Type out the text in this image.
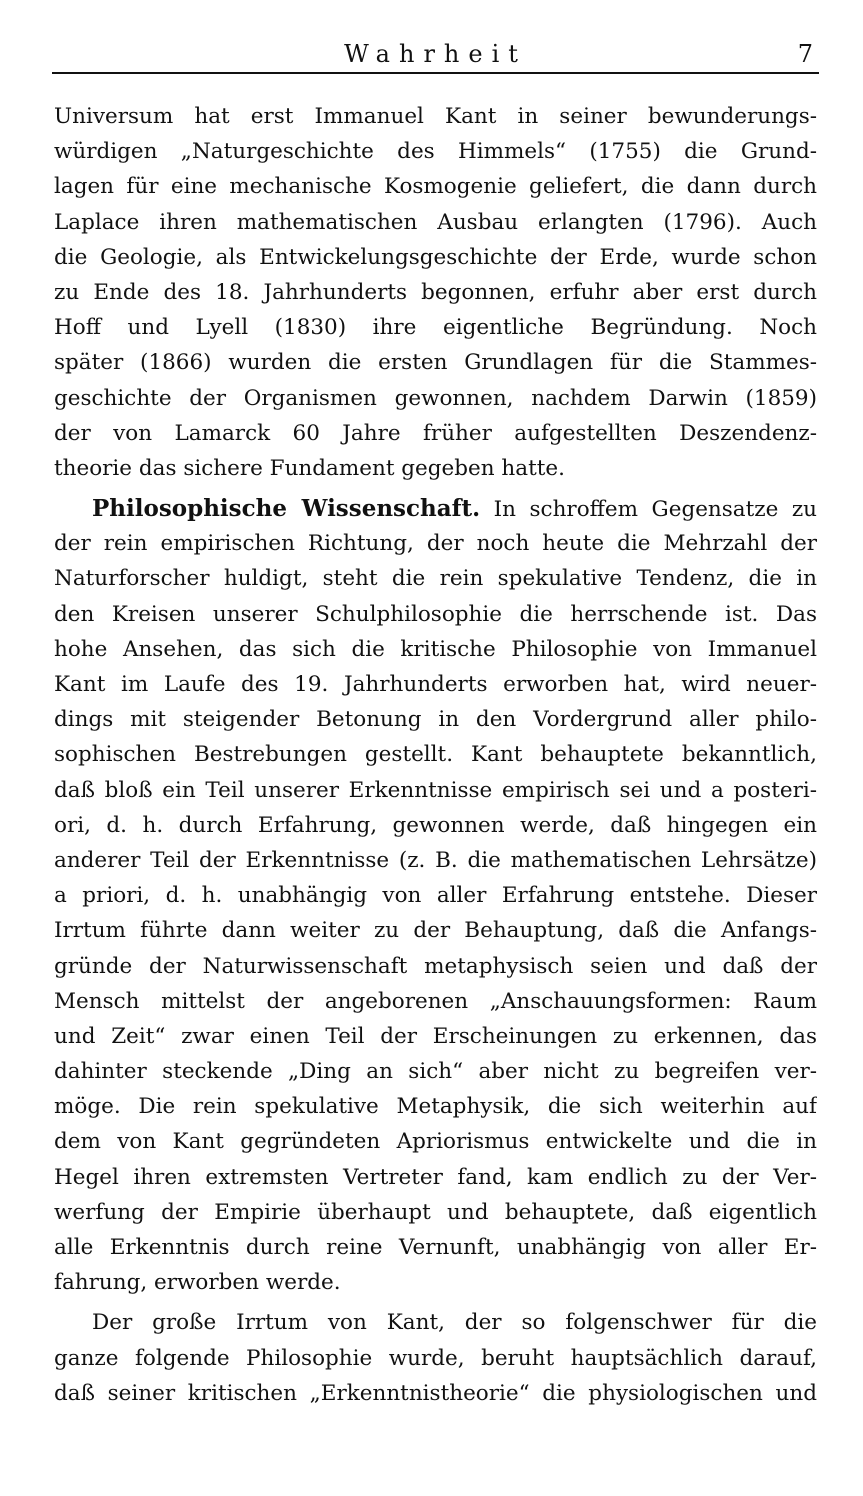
Wahrheit	7
Universum hat erst Immanuel Kant in seiner bewunderungs-
würdigen „Naturgeschichte des Himmels“ (1755) die Grund-
lagen für eine mechanische Kosmogenie geliefert, die dann durch
Laplace ihren mathematischen Ausbau erlangten (1796). Auch
die Geologie, als Entwickelungsgeschichte der Erde, wurde schon
zu Ende des 18. Jahrhunderts begonnen, erfuhr aber erst durch
Hoff und Lyell (1830) ihre eigentliche Begründung. Noch
später (1866) wurden die ersten Grundlagen für die Stammes-
geschichte der Organismen gewonnen, nachdem Darwin (1859)
der von Lamarck 60 Jahre früher aufgestellten Deszendenz-
theorie das sichere Fundament gegeben hatte.
Philosophische Wissenschaft. In schroffem Gegensatze zu
der rein empirischen Richtung, der noch heute die Mehrzahl der
Naturforscher huldigt, steht die rein spekulative Tendenz, die in
den Kreisen unserer Schulphilosophie die herrschende ist. Das
hohe Ansehen, das sich die kritische Philosophie von Immanuel
Kant im Laufe des 19. Jahrhunderts erworben hat, wird neuer-
dings mit steigender Betonung in den Vordergrund aller philo-
sophischen Bestrebungen gestellt. Kant behauptete bekanntlich,
daß bloß ein Teil unserer Erkenntnisse empirisch sei und a posteri-
ori, d. h. durch Erfahrung, gewonnen werde, daß hingegen ein
anderer Teil der Erkenntnisse (z. B. die mathematischen Lehrsätze)
a priori, d. h. unabhängig von aller Erfahrung entstehe. Dieser
Irrtum führte dann weiter zu der Behauptung, daß die Anfangs-
gründe der Naturwissenschaft metaphysisch seien und daß der
Mensch mittelst der angeborenen „Anschauungsformen: Raum
und Zeit“ zwar einen Teil der Erscheinungen zu erkennen, das
dahinter steckende „Ding an sich“ aber nicht zu begreifen ver-
möge. Die rein spekulative Metaphysik, die sich weiterhin auf
dem von Kant gegründeten Apriorismus entwickelte und die in
Hegel ihren extremsten Vertreter fand, kam endlich zu der Ver-
werfung der Empirie überhaupt und behauptete, daß eigentlich
alle Erkenntnis durch reine Vernunft, unabhängig von aller Er-
fahrung, erworben werde.
Der große Irrtum von Kant, der so folgenschwer für die
ganze folgende Philosophie wurde, beruht hauptsächlich darauf,
daß seiner kritischen „Erkenntnistheorie“ die physiologischen und
